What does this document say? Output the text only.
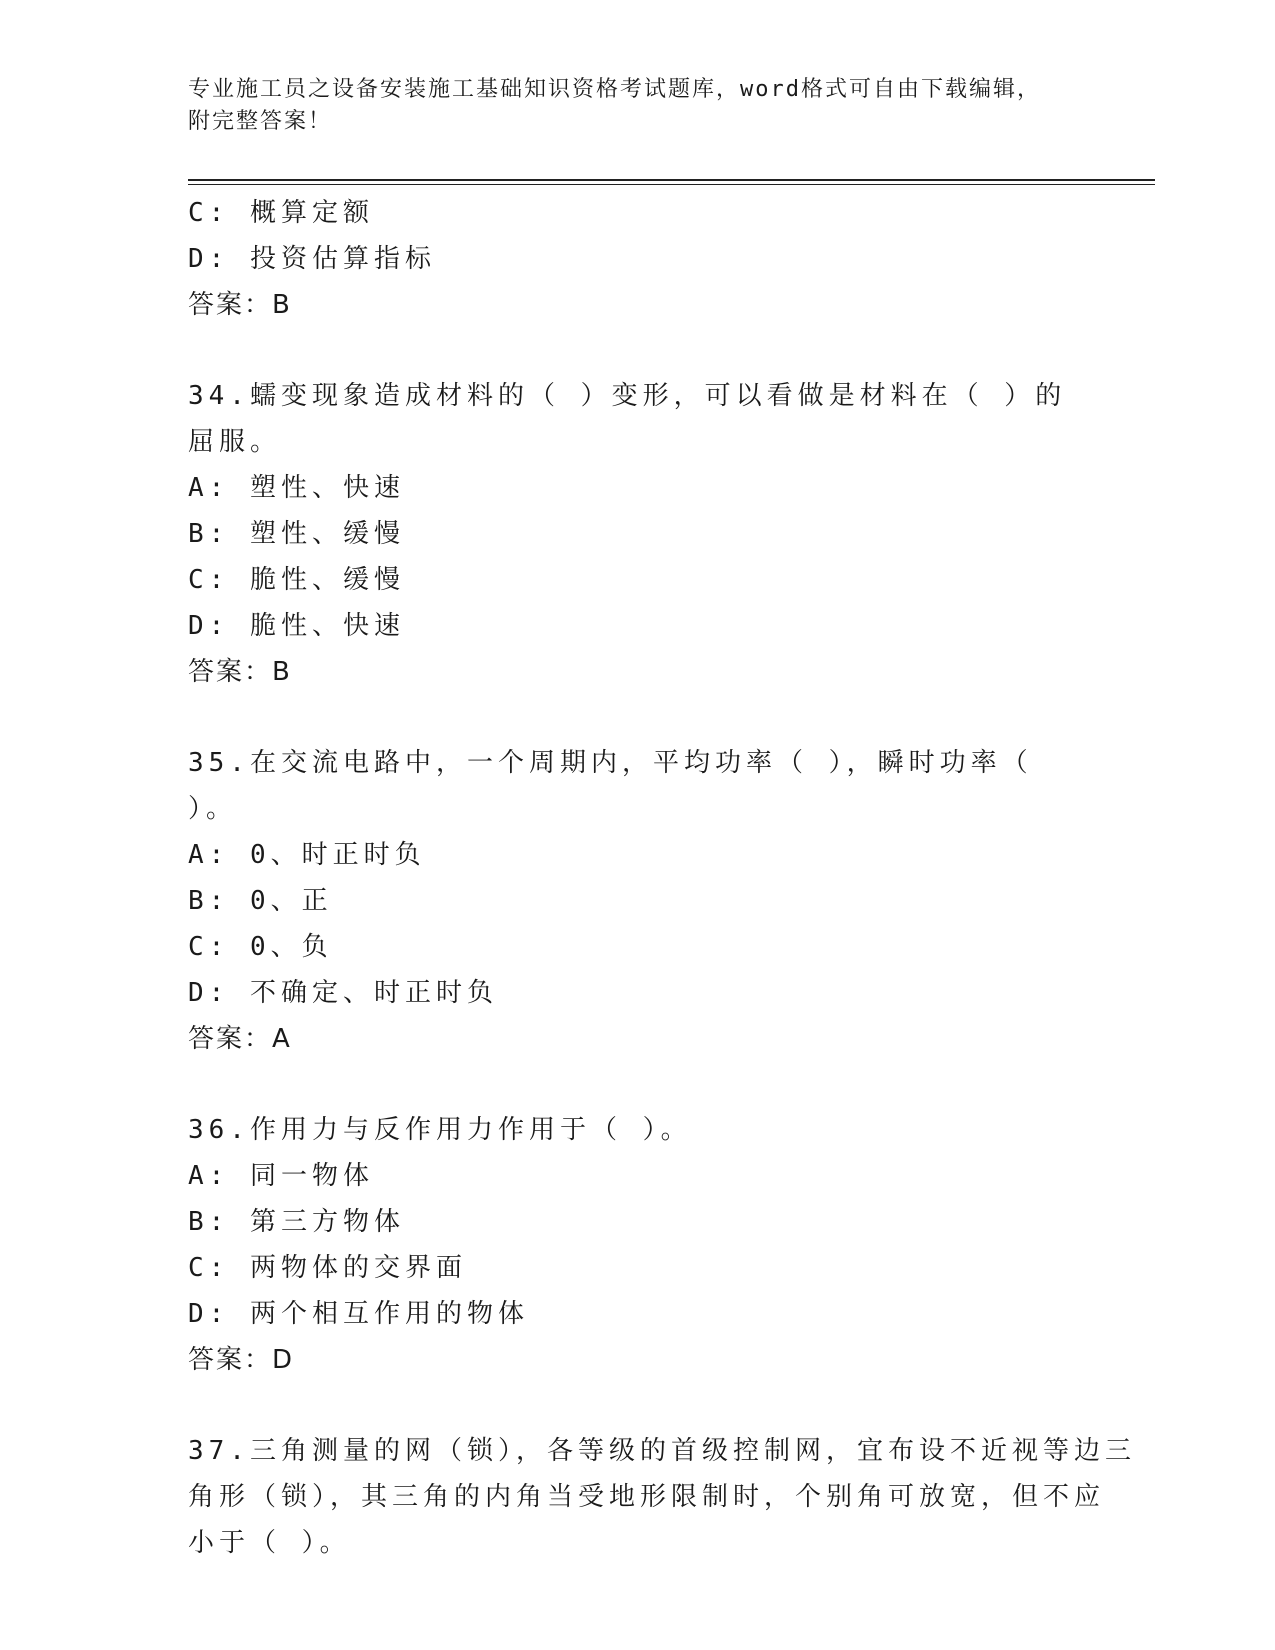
专业施工员之设备安装施工基础知识资格考试题库，word格式可自由下载编辑，
附完整答案！
C: 概算定额
D: 投资估算指标
答案：B
34.蠕变现象造成材料的（ ）变形，可以看做是材料在（ ）的屈服。
A: 塑性、快速
B: 塑性、缓慢
C: 脆性、缓慢
D: 脆性、快速
答案：B
35.在交流电路中，一个周期内，平均功率（ ），瞬时功率（ ）。
A: 0、时正时负
B: 0、正
C: 0、负
D: 不确定、时正时负
答案：A
36.作用力与反作用力作用于（ ）。
A: 同一物体
B: 第三方物体
C: 两物体的交界面
D: 两个相互作用的物体
答案：D
37.三角测量的网（锁），各等级的首级控制网，宜布设不近视等边三
角形（锁），其三角的内角当受地形限制时，个别角可放宽，但不应
小于（ ）。
